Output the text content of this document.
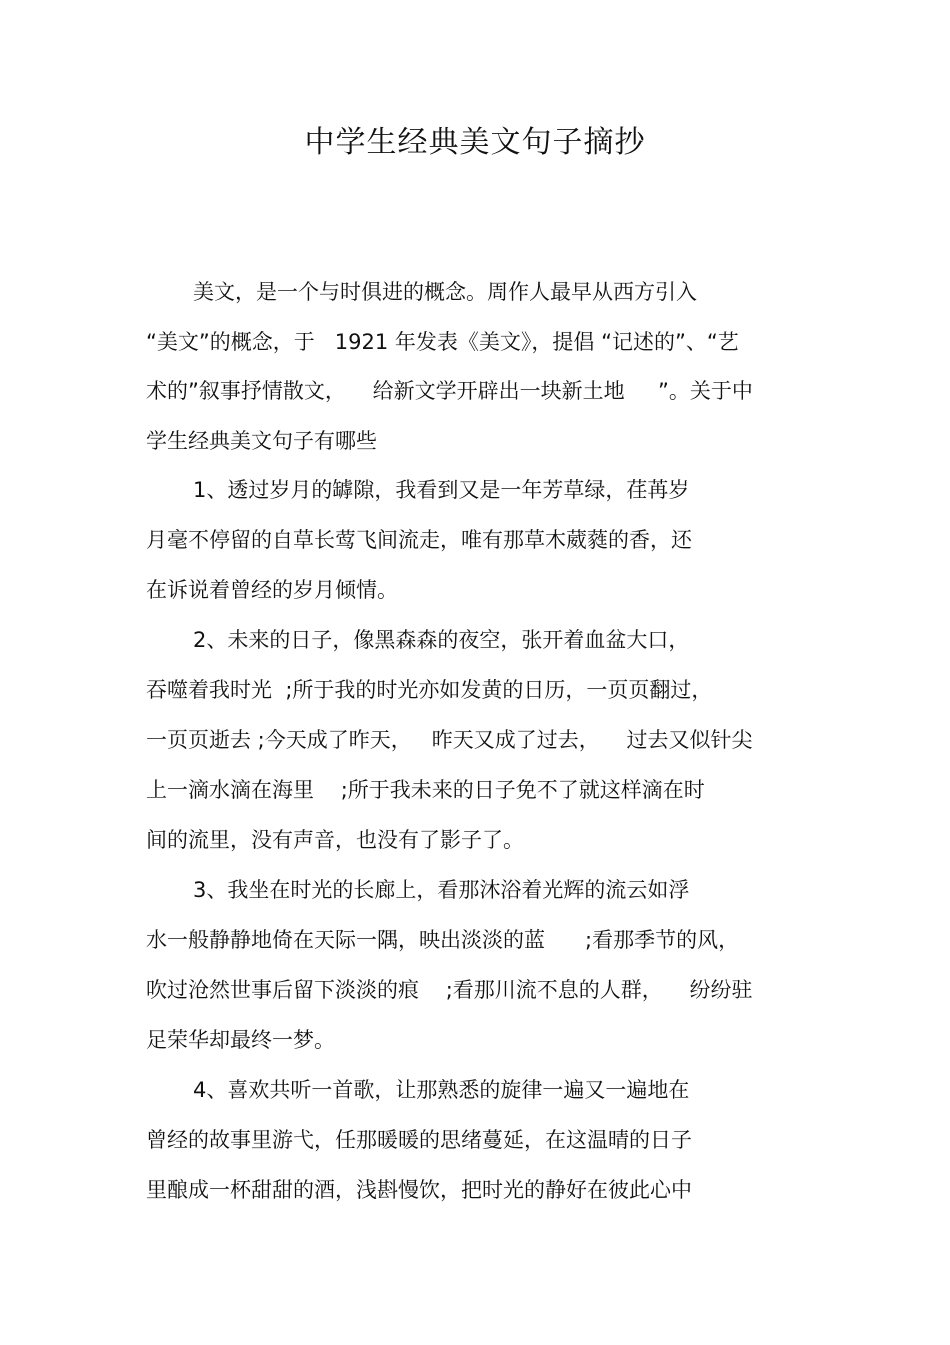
中学生经典美文句子摘抄
美文，是一个与时俱进的概念。周作人最早从西方引入
“美文”的概念，于   1921 年发表《美文》，提倡 “记述的”、“艺
术的”叙事抒情散文，    给新文学开辟出一块新土地     ”。关于中
学生经典美文句子有哪些
1、透过岁月的罅隙，我看到又是一年芳草绿，荏苒岁
月毫不停留的自草长莺飞间流走，唯有那草木葳蕤的香，还
在诉说着曾经的岁月倾情。
2、未来的日子，像黑森森的夜空，张开着血盆大口，
吞噬着我时光  ;所于我的时光亦如发黄的日历，一页页翻过，
一页页逝去 ;今天成了昨天，   昨天又成了过去，    过去又似针尖
上一滴水滴在海里    ;所于我未来的日子免不了就这样滴在时
间的流里，没有声音，也没有了影子了。
3、我坐在时光的长廊上，看那沐浴着光辉的流云如浮
水一般静静地倚在天际一隅，映出淡淡的蓝      ;看那季节的风，
吹过沧然世事后留下淡淡的痕    ;看那川流不息的人群，    纷纷驻
足荣华却最终一梦。
4、喜欢共听一首歌，让那熟悉的旋律一遍又一遍地在
曾经的故事里游弋，任那暖暖的思绪蔓延，在这温晴的日子
里酿成一杯甜甜的酒，浅斟慢饮，把时光的静好在彼此心中
